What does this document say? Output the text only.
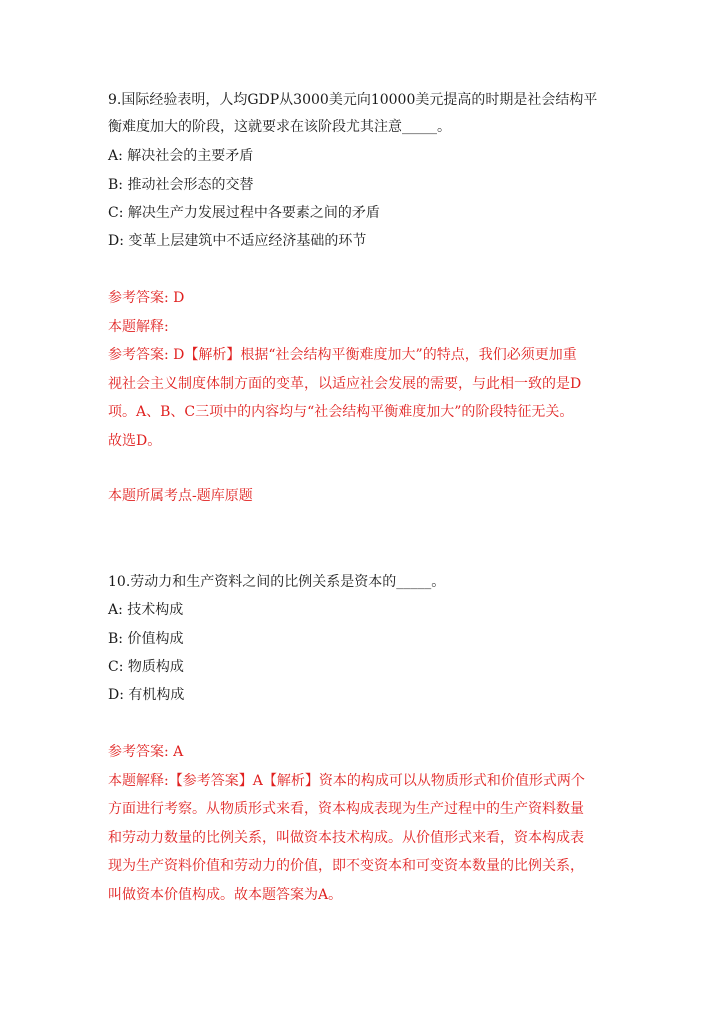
9.国际经验表明，人均GDP从3000美元向10000美元提高的时期是社会结构平
衡难度加大的阶段，这就要求在该阶段尤其注意_____。
A: 解决社会的主要矛盾
B: 推动社会形态的交替
C: 解决生产力发展过程中各要素之间的矛盾
D: 变革上层建筑中不适应经济基础的环节
参考答案: D
本题解释:
参考答案: D【解析】根据“社会结构平衡难度加大”的特点，我们必须更加重
视社会主义制度体制方面的变革，以适应社会发展的需要，与此相一致的是D
项。A、B、C三项中的内容均与“社会结构平衡难度加大”的阶段特征无关。
故选D。
本题所属考点-题库原题
10.劳动力和生产资料之间的比例关系是资本的_____。
A: 技术构成
B: 价值构成
C: 物质构成
D: 有机构成
参考答案: A
本题解释:【参考答案】A【解析】资本的构成可以从物质形式和价值形式两个
方面进行考察。从物质形式来看，资本构成表现为生产过程中的生产资料数量
和劳动力数量的比例关系，叫做资本技术构成。从价值形式来看，资本构成表
现为生产资料价值和劳动力的价值，即不变资本和可变资本数量的比例关系，
叫做资本价值构成。故本题答案为A。
